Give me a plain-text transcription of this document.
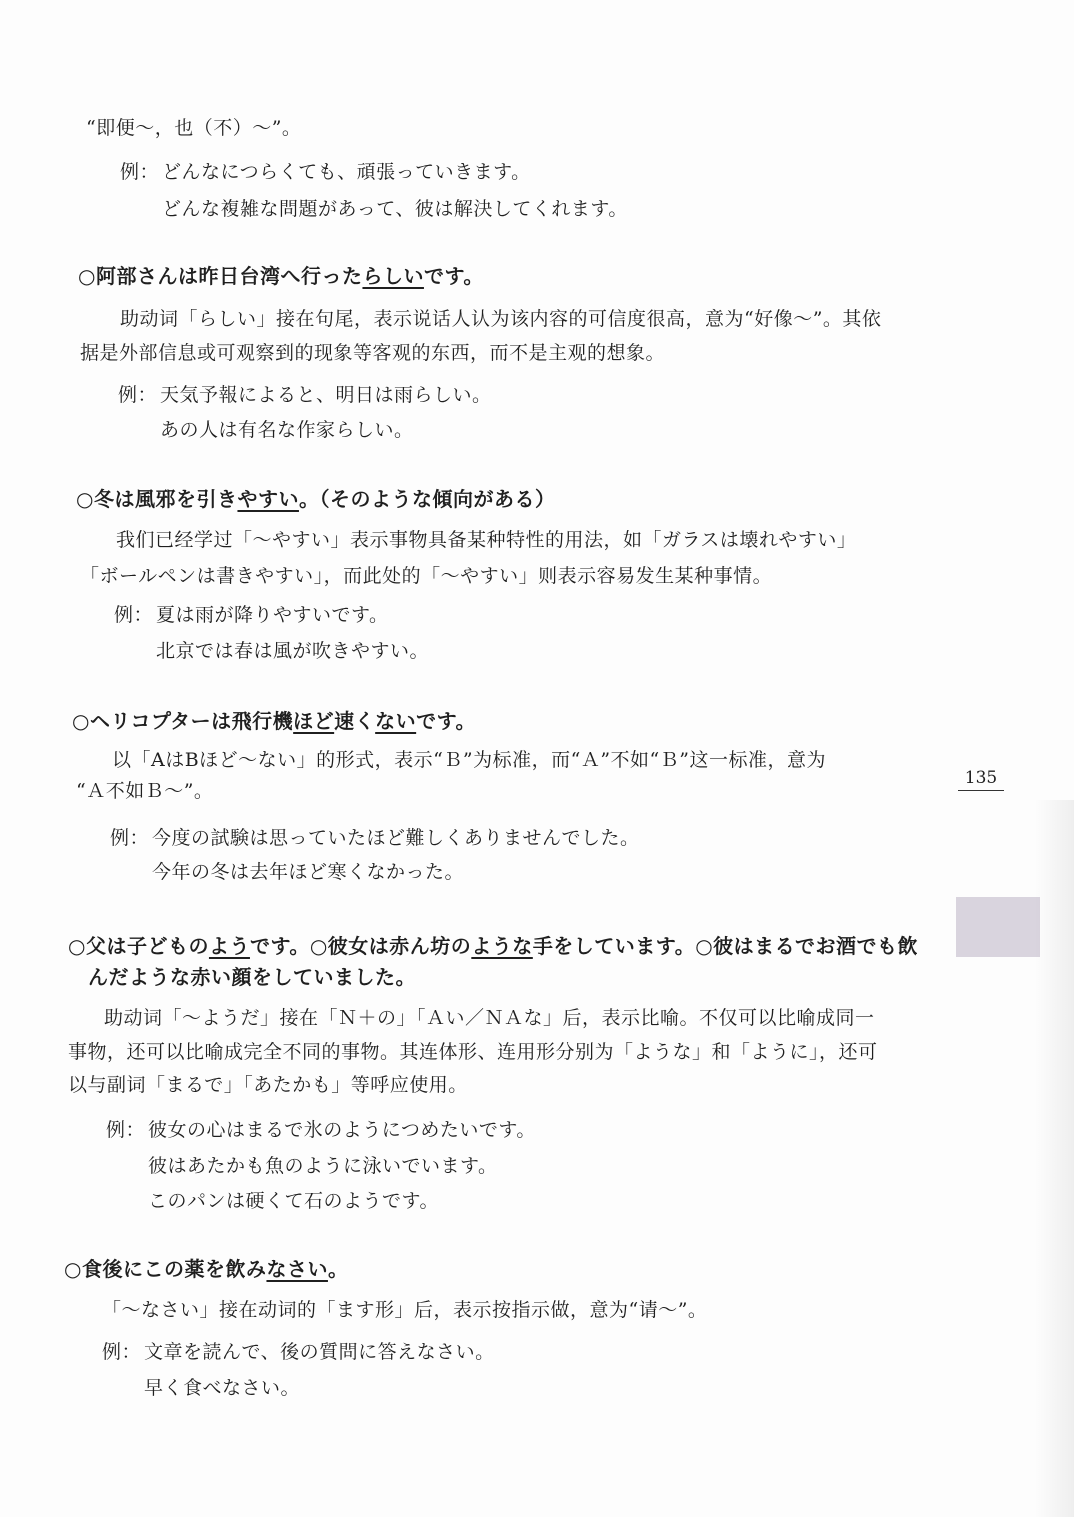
“即便～，也（不）～”。
例： どんなにつらくても、頑張っていきます。
どんな複雑な問題があって、彼は解決してくれます。
○阿部さんは昨日台湾へ行ったらしいです。
助动词「らしい」接在句尾，表示说话人认为该内容的可信度很高，意为“好像～”。其依
据是外部信息或可观察到的现象等客观的东西，而不是主观的想象。
例： 天気予報によると、明日は雨らしい。
あの人は有名な作家らしい。
○冬は風邪を引きやすい。（そのような傾向がある）
我们已经学过「～やすい」表示事物具备某种特性的用法，如「ガラスは壊れやすい」
「ボールペンは書きやすい」，而此处的「～やすい」则表示容易发生某种事情。
例： 夏は雨が降りやすいです。
北京では春は風が吹きやすい。
○ヘリコプターは飛行機ほど速くないです。
以「AはBほど～ない」的形式，表示“Ｂ”为标准，而“Ａ”不如“Ｂ”这一标准，意为
“Ａ不如Ｂ～”。
例： 今度の試験は思っていたほど難しくありませんでした。
今年の冬は去年ほど寒くなかった。
○父は子どものようです。○彼女は赤ん坊のような手をしています。○彼はまるでお酒でも飲
んだような赤い顔をしていました。
助动词「～ようだ」接在「Ｎ＋の」「Ａい／ＮＡな」后，表示比喻。不仅可以比喻成同一
事物，还可以比喻成完全不同的事物。其连体形、连用形分别为「ような」和「ように」，还可
以与副词「まるで」「あたかも」等呼应使用。
例： 彼女の心はまるで氷のようにつめたいです。
彼はあたかも魚のように泳いでいます。
このパンは硬くて石のようです。
○食後にこの薬を飲みなさい。
「～なさい」接在动词的「ます形」后，表示按指示做，意为“请～”。
例： 文章を読んで、後の質問に答えなさい。
早く食べなさい。
135
